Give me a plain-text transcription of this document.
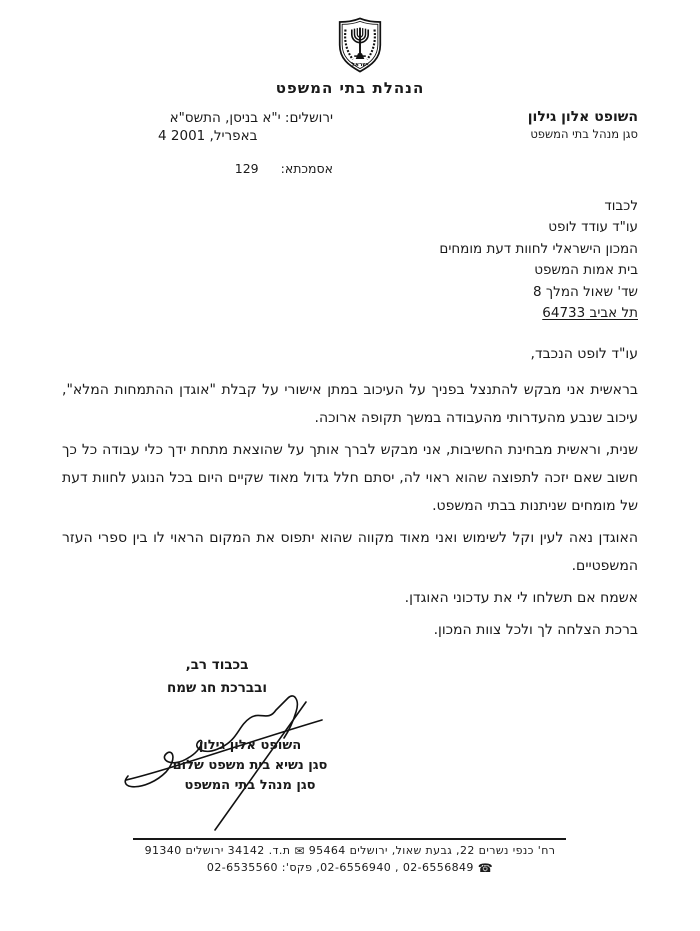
ישראל
הנהלת בתי המשפט
השופט אלון גילון
סגן מנהל בתי המשפט
ירושלים: י"א בניסן, התשס"א
4 באפריל, 2001
אסמכתא:
129
לכבוד
עו"ד עודד לופט
המכון הישראלי לחוות דעת מומחים
בית אמות המשפט
שד' שאול המלך 8
תל אביב 64733
עו"ד לופט הנכבד,

בראשית אני מבקש להתנצל בפניך על העיכוב במתן אישורי על קבלת "אוגדן ההתמחות המלא", עיכוב שנבע מהעדרותי מהעבודה במשך תקופה ארוכה.

שנית, וראשית מבחינת החשיבות, אני מבקש לברך אותך על שהוצאת מתחת ידך כלי עבודה כל כך חשוב שאם יזכה לתפוצה שהוא ראוי לה, יסתם חלל גדול מאוד שקיים היום בכל הנוגע לחוות דעת של מומחים שניתנות בבתי המשפט.

האוגדן נאה לעין וקל לשימוש ואני מאוד מקווה שהוא יתפוס את המקום הראוי לו בין ספרי העזר המשפטיים.

אשמח אם תשלחו לי את עדכוני האוגדן.

ברכת הצלחה לך ולכל צוות המכון.

בכבוד רב,
ובברכת חג שמח
השופט אלון גילון
סגן נשיא בית משפט שלום
סגן מנהל בתי המשפט
רח' כנפי נשרים 22, גבעת שאול, ירושלים 95464 ✉ ת.ד. 34142 ירושלים 91340
☎ 02-6556849 , 02-6556940, פקס': 02-6535560
